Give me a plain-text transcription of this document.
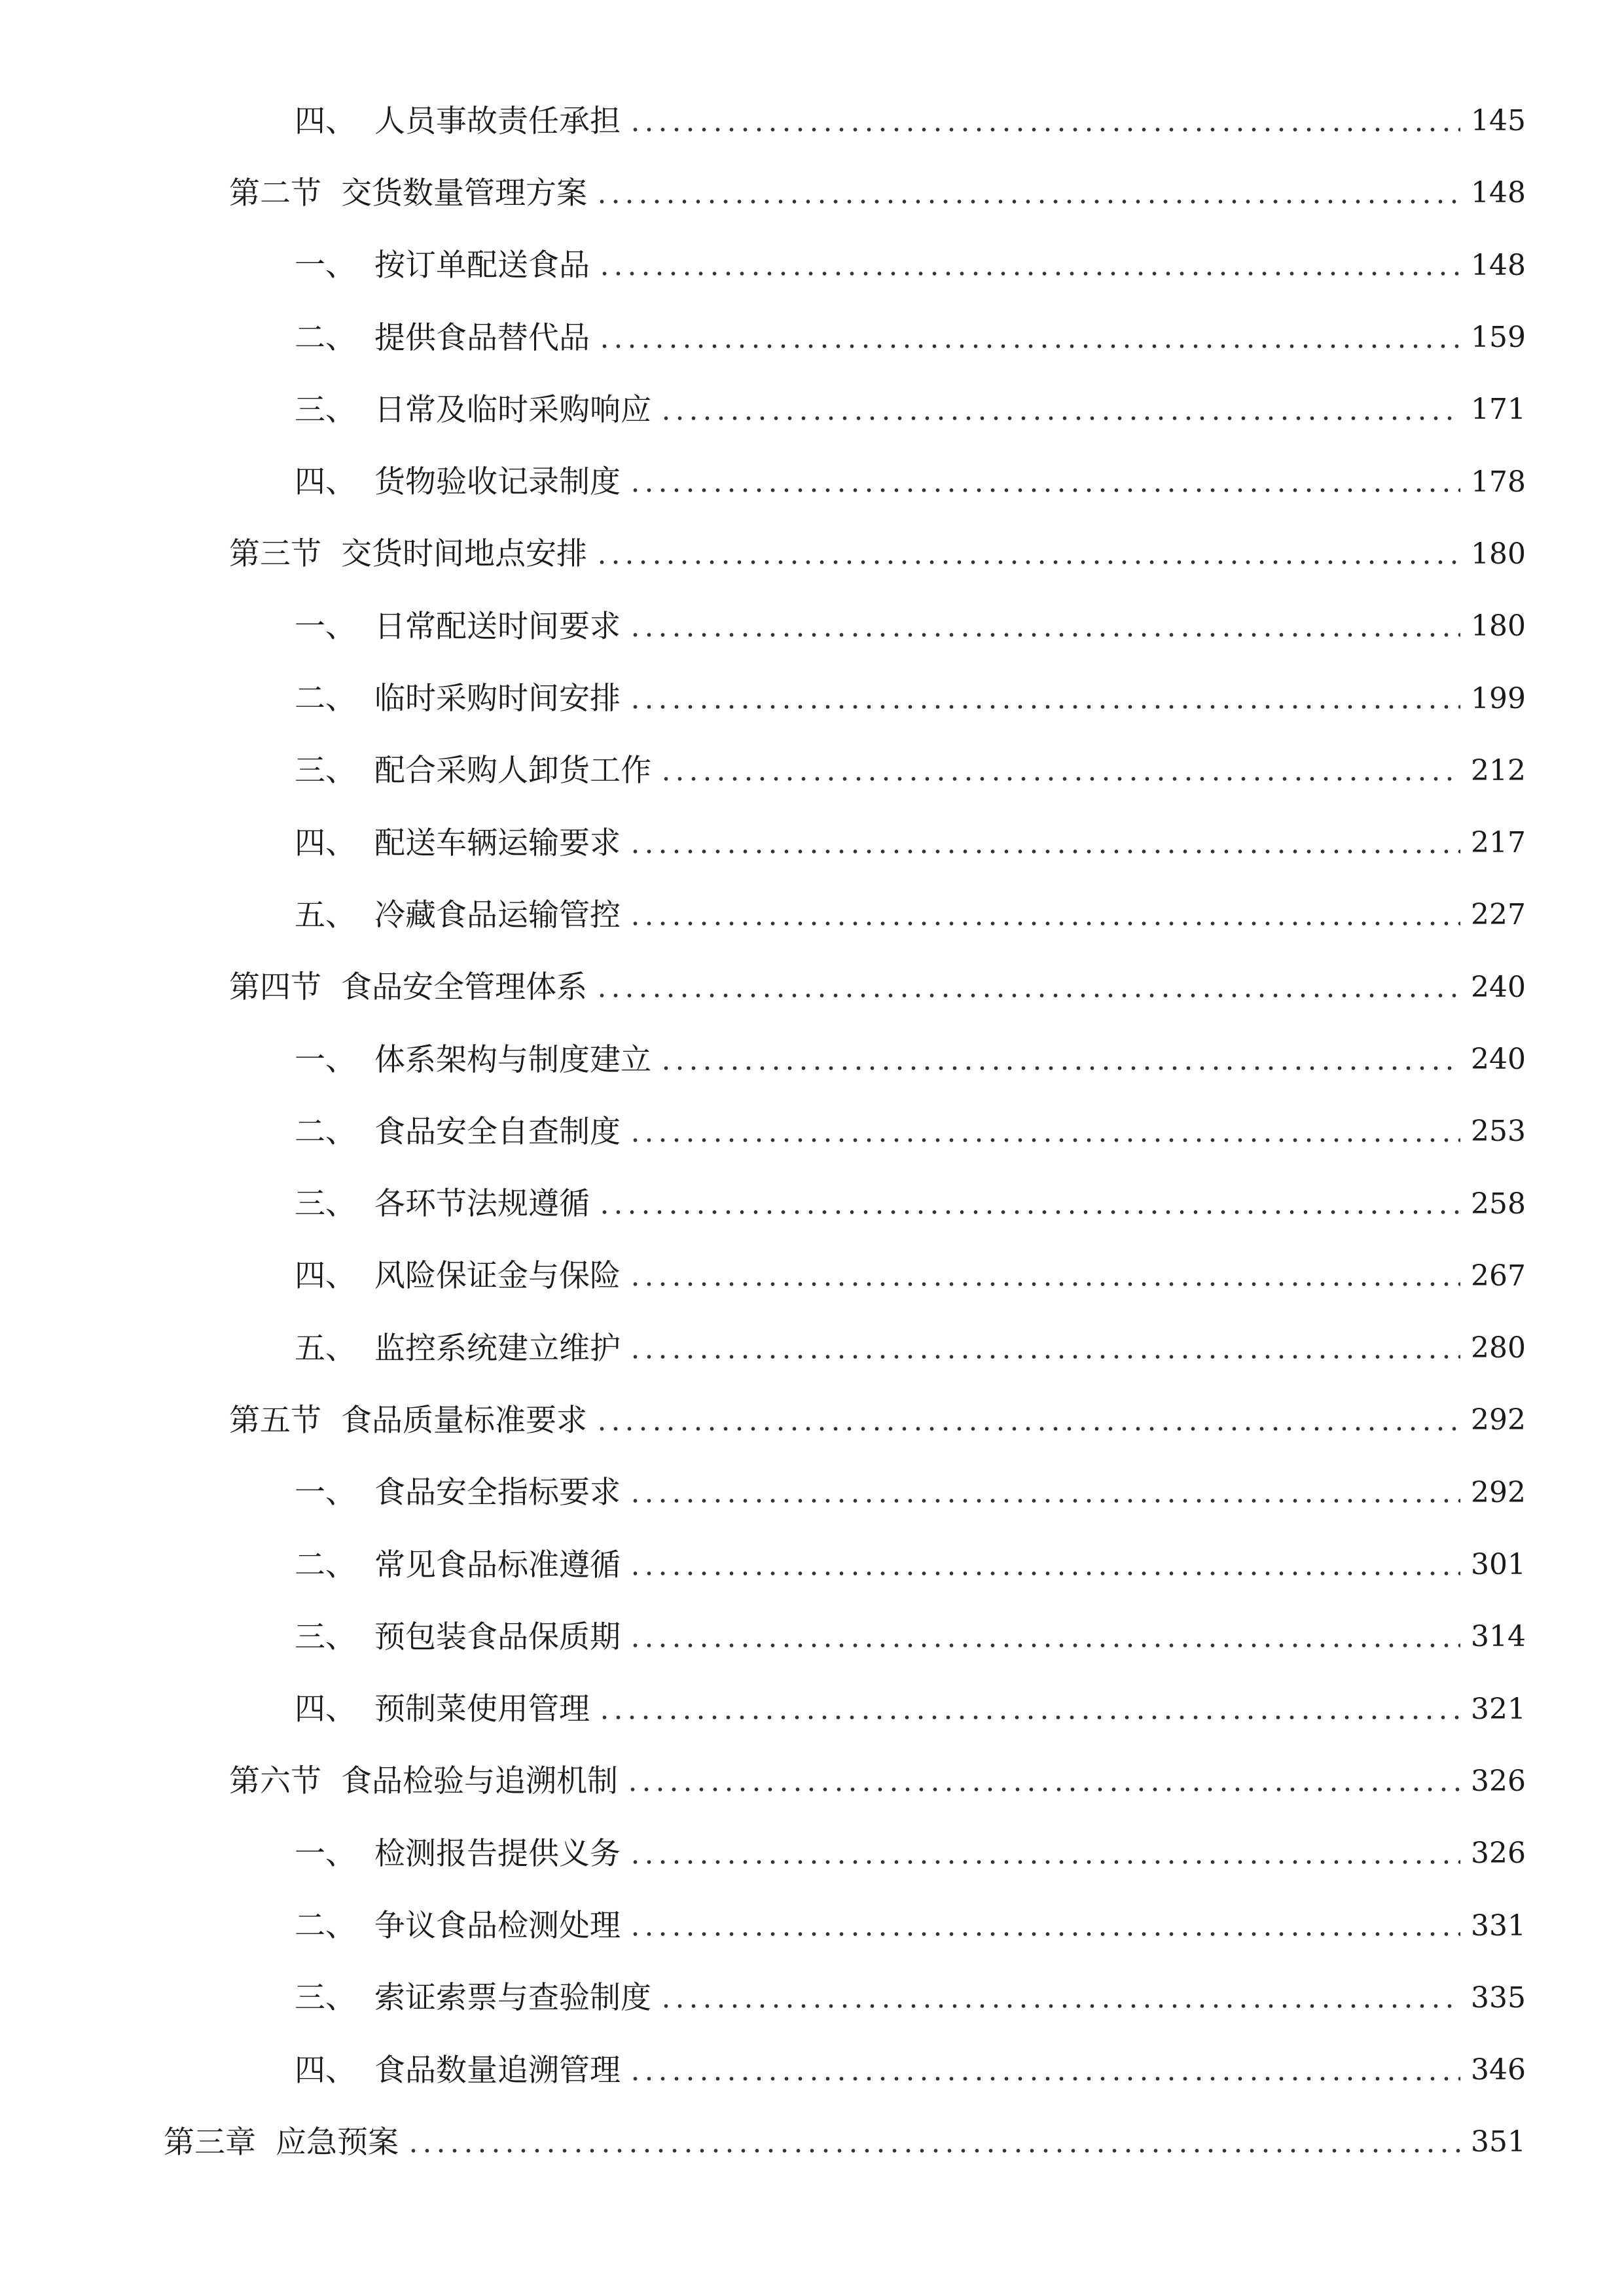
四、 人员事故责任承担	145
第二节 交货数量管理方案	148
一、 按订单配送食品	148
二、 提供食品替代品	159
三、 日常及临时采购响应	171
四、 货物验收记录制度	178
第三节 交货时间地点安排	180
一、 日常配送时间要求	180
二、 临时采购时间安排	199
三、 配合采购人卸货工作	212
四、 配送车辆运输要求	217
五、 冷藏食品运输管控	227
第四节 食品安全管理体系	240
一、 体系架构与制度建立	240
二、 食品安全自查制度	253
三、 各环节法规遵循	258
四、 风险保证金与保险	267
五、 监控系统建立维护	280
第五节 食品质量标准要求	292
一、 食品安全指标要求	292
二、 常见食品标准遵循	301
三、 预包装食品保质期	314
四、 预制菜使用管理	321
第六节 食品检验与追溯机制	326
一、 检测报告提供义务	326
二、 争议食品检测处理	331
三、 索证索票与查验制度	335
四、 食品数量追溯管理	346
第三章 应急预案	351
